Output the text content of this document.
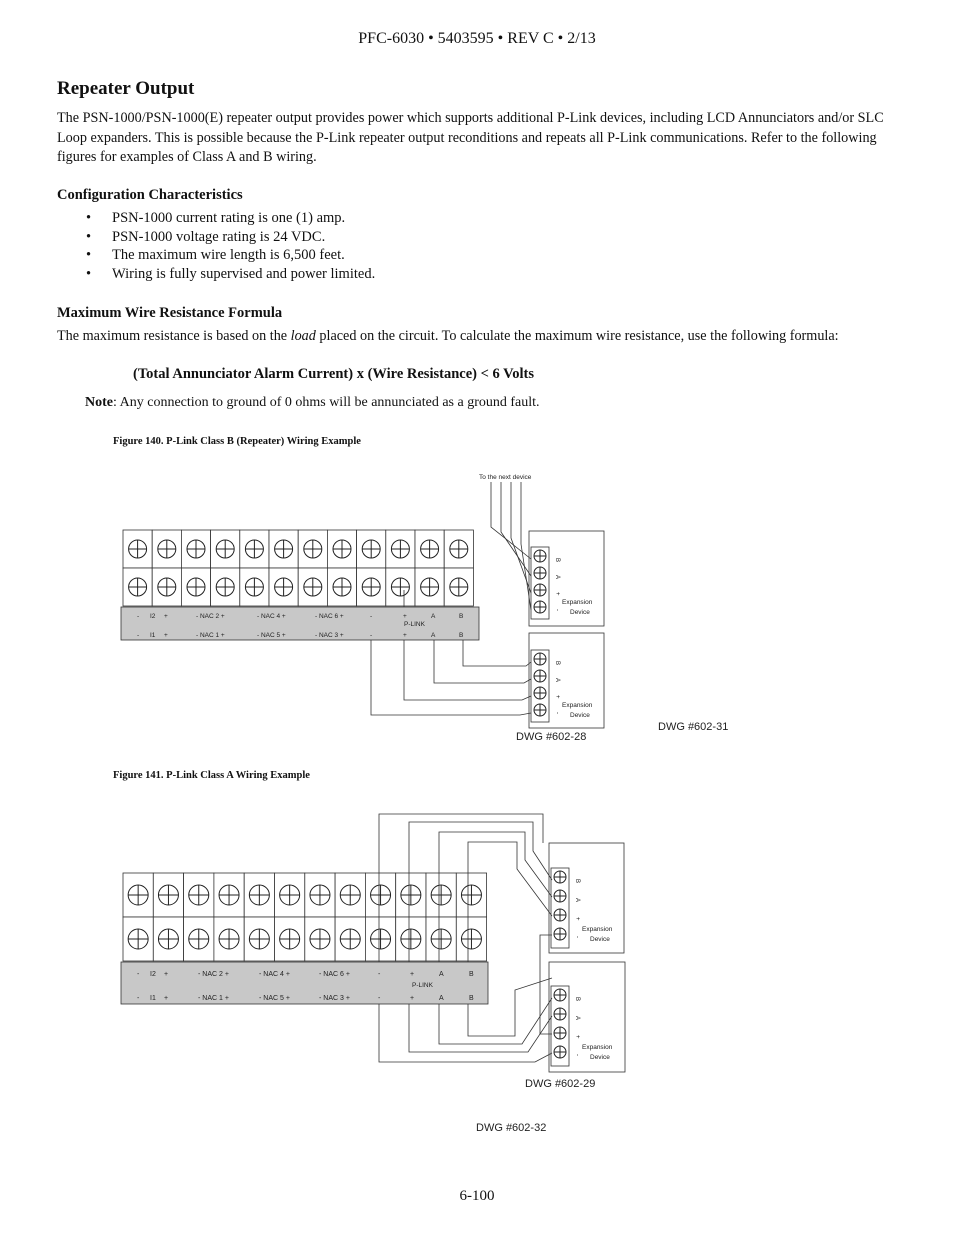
PFC-6030 • 5403595 • REV C • 2/13
Repeater Output
The PSN-1000/PSN-1000(E) repeater output provides power which supports additional P-Link devices, including LCD Annunciators and/or SLC Loop expanders. This is possible because the P-Link repeater output reconditions and repeats all P-Link communications. Refer to the following figures for examples of Class A and B wiring.
Configuration Characteristics
• PSN-1000 current rating is one (1) amp.
• PSN-1000 voltage rating is 24 VDC.
• The maximum wire length is 6,500 feet.
• Wiring is fully supervised and power limited.
Maximum Wire Resistance Formula
The maximum resistance is based on the load placed on the circuit. To calculate the maximum wire resistance, use the following formula:
(Total Annunciator Alarm Current) x (Wire Resistance) < 6 Volts
Note: Any connection to ground of 0 ohms will be annunciated as a ground fault.
Figure 140. P-Link Class B (Repeater) Wiring Example
Figure 141. P-Link Class A Wiring Example
- I2 +	- NAC 2 +	- NAC 4 +	- NAC 6 +	-	+	A	B
- I1 +	- NAC 1 +	- NAC 5 +	- NAC 3 +	-	+	A	B
P-LINK
B
A
+
-
Expansion
Device
B
A
+
-
Expansion
Device
To the next device
DWG #602-28
DWG #602-31
- I2 +	- NAC 2 +	- NAC 4 +	- NAC 6 +	-	+	A	B
- I1 +	- NAC 1 +	- NAC 5 +	- NAC 3 +	-	+	A	B
P-LINK
B
A
+
-
Expansion
Device
B
A
+
-
Expansion
Device
DWG #602-29
DWG #602-32
6-100
